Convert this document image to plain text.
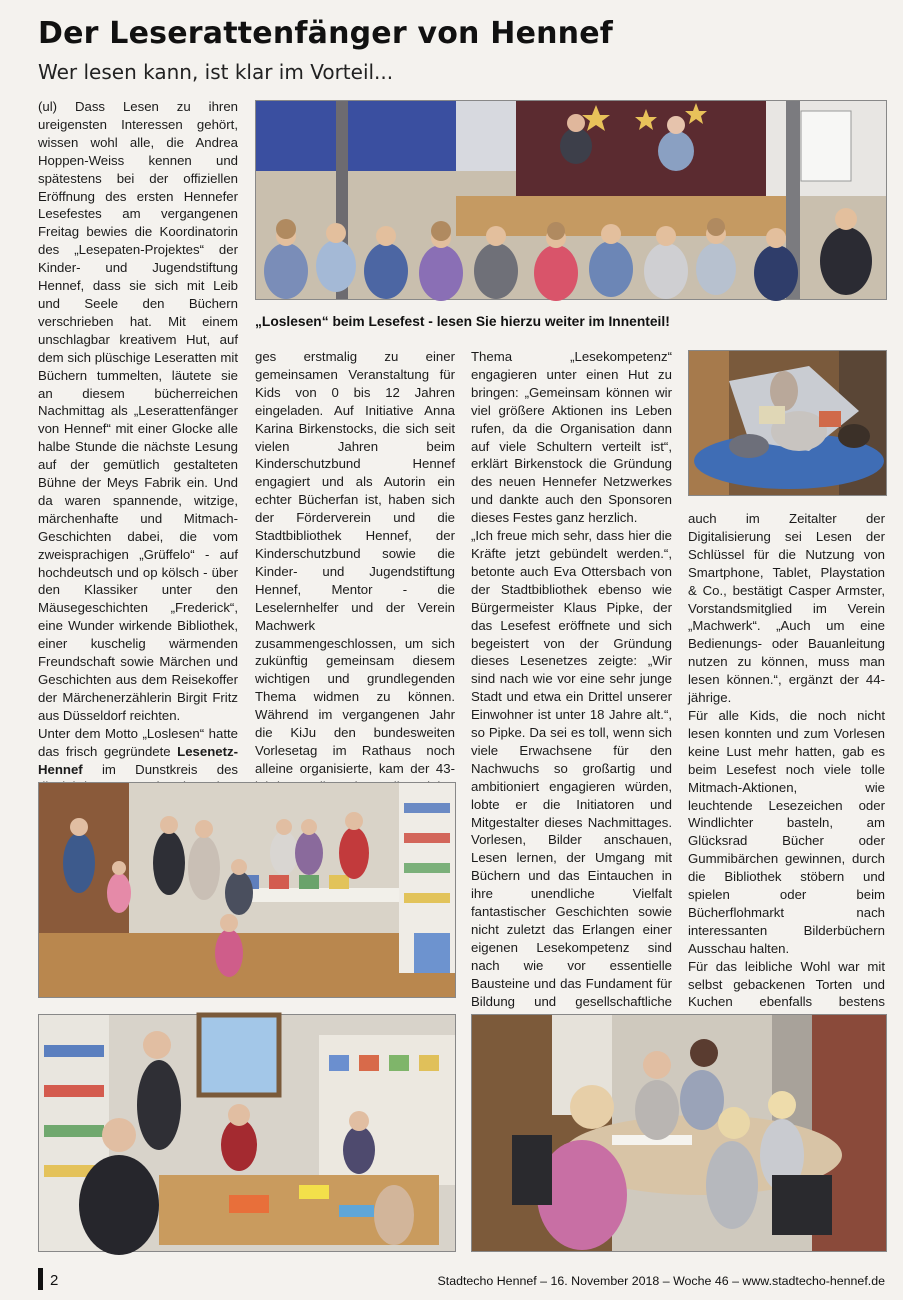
Der Leserattenfänger von Hennef
Wer lesen kann, ist klar im Vorteil...

(ul) Dass Lesen zu ihren ureigensten Interessen gehört, wissen wohl alle, die Andrea Hoppen-Weiss kennen und spätestens bei der offiziellen Eröffnung des ersten Hennefer Lesefestes am vergangenen Freitag bewies die Koordinatorin des „Lesepaten-Projektes“ der Kinder- und Jugendstiftung Hennef, dass sie sich mit Leib und Seele den Büchern verschrieben hat. Mit einem unschlagbar kreativem Hut, auf dem sich plüschige Leseratten mit Büchern tummelten, läutete sie an diesem bücherreichen Nachmittag als „Leserattenfänger von Hennef“ mit einer Glocke alle halbe Stunde die nächste Lesung auf der gemütlich gestalteten Bühne der Meys Fabrik ein. Und da waren spannende, witzige, märchenhafte und Mitmach-Geschichten dabei, die vom zweisprachigen „Grüffelo“ - auf hochdeutsch und op kölsch - über den Klassiker unter den Mäusegeschichten „Frederick“, eine Wunder wirkende Bibliothek, einer kuschelig wärmenden Freundschaft sowie Märchen und Geschichten aus dem Reisekoffer der Märchenerzählerin Birgit Fritz aus Düsseldorf reichten.

Unter dem Motto „Loslesen“ hatte das frisch gegründete Lesenetz-Hennef im Dunstkreis des

„Loslesen“ beim Lesefest - lesen Sie hierzu weiter im Innenteil!

ges erstmalig zu einer gemeinsamen Veranstaltung für Kids von 0 bis 12 Jahren eingeladen. Auf Initiative Anna Karina Birkenstocks, die sich seit vielen Jahren beim Kinderschutzbund Hennef engagiert und als Autorin ein echter Bücherfan ist, haben sich der Förderverein und die Stadtbibliothek Hennef, der Kinderschutzbund sowie die Kinder- und Jugendstiftung Hennef, Mentor - die Leselernhelfer und der Verein Machwerk zusammengeschlossen, um sich zukünftig gemeinsam diesem wichtigen und grundlegenden Thema widmen zu können. Während im vergangenen Jahr die KiJu den bundesweiten Vorlesetag im Rathaus noch alleine organisierte, kam der 43-

Thema „Lesekompetenz“ engagieren unter einen Hut zu bringen: „Gemeinsam können wir viel größere Aktionen ins Leben rufen, da die Organisation dann auf viele Schultern verteilt ist“, erklärt Birkenstock die Gründung des neuen Hennefer Netzwerkes und dankte auch den Sponsoren dieses Festes ganz herzlich.

„Ich freue mich sehr, dass hier die Kräfte jetzt gebündelt werden.“, betonte auch Eva Ottersbach von der Stadtbibliothek ebenso wie Bürgermeister Klaus Pipke, der das Lesefest eröffnete und sich begeistert von der Gründung dieses Lesenetzes zeigte: „Wir sind nach wie vor eine sehr junge Stadt und etwa ein Drittel unserer Einwohner ist unter 18 Jahre alt.“, so Pipke. Da sei es toll, wenn sich viele Erwachsene für den Nachwuchs so großartig und ambitioniert engagieren würden, lobte er die Initiatoren und Mitgestalter dieses Nachmittages. Vorlesen, Bilder anschauen, Lesen lernen, der Umgang mit Büchern und das Eintauchen in ihre unendliche Vielfalt fantastischer Geschichten sowie nicht zuletzt das Erlangen einer eigenen Lesekompetenz sind nach wie vor essentielle Bausteine und das Fundament für Bildung und gesellschaftliche

auch im Zeitalter der Digitalisierung sei Lesen der Schlüssel für die Nutzung von Smartphone, Tablet, Playstation & Co., bestätigt Casper Armster, Vorstandsmitglied im Verein „Machwerk“. „Auch um eine Bedienungs- oder Bauanleitung nutzen zu können, muss man lesen können.“, ergänzt der 44-jährige.

Für alle Kids, die noch nicht lesen konnten und zum Vorlesen keine Lust mehr hatten, gab es beim Lesefest noch viele tolle Mitmach-Aktionen, wie leuchtende Lesezeichen oder Windlichter basteln, am Glücksrad Bücher oder Gummibärchen gewinnen, durch die Bibliothek stöbern und spielen oder beim Bücherflohmarkt nach interessanten Bilderbüchern Ausschau halten.

Für das leibliche Wohl war mit selbst gebackenen Torten und Kuchen ebenfalls bestens

2	Stadtecho Hennef – 16. November 2018 – Woche 46 – www.stadtecho-hennef.de
